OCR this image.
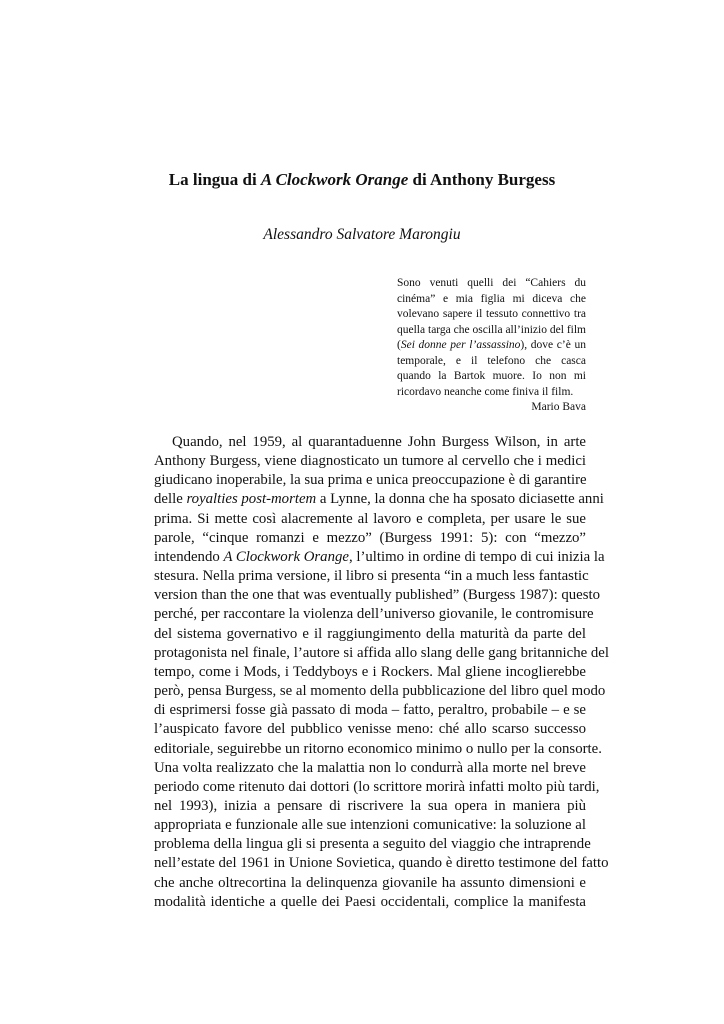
La lingua di A Clockwork Orange di Anthony Burgess

Alessandro Salvatore Marongiu

Sono venuti quelli dei “Cahiers du
cinéma” e mia figlia mi diceva che
volevano sapere il tessuto connettivo tra
quella targa che oscilla all’inizio del film
(Sei donne per l’assassino), dove c’è un
temporale, e il telefono che casca
quando la Bartok muore. Io non mi
ricordavo neanche come finiva il film.
Mario Bava
Quando, nel 1959, al quarantaduenne John Burgess Wilson, in arte
Anthony Burgess, viene diagnosticato un tumore al cervello che i medici
giudicano inoperabile, la sua prima e unica preoccupazione è di garantire
delle royalties post-mortem a Lynne, la donna che ha sposato diciasette anni
prima. Si mette così alacremente al lavoro e completa, per usare le sue
parole, “cinque romanzi e mezzo” (Burgess 1991: 5): con “mezzo”
intendendo A Clockwork Orange, l’ultimo in ordine di tempo di cui inizia la
stesura. Nella prima versione, il libro si presenta “in a much less fantastic
version than the one that was eventually published” (Burgess 1987): questo
perché, per raccontare la violenza dell’universo giovanile, le contromisure
del sistema governativo e il raggiungimento della maturità da parte del
protagonista nel finale, l’autore si affida allo slang delle gang britanniche del
tempo, come i Mods, i Teddyboys e i Rockers. Mal gliene incoglierebbe
però, pensa Burgess, se al momento della pubblicazione del libro quel modo
di esprimersi fosse già passato di moda – fatto, peraltro, probabile – e se
l’auspicato favore del pubblico venisse meno: ché allo scarso successo
editoriale, seguirebbe un ritorno economico minimo o nullo per la consorte.
Una volta realizzato che la malattia non lo condurrà alla morte nel breve
periodo come ritenuto dai dottori (lo scrittore morirà infatti molto più tardi,
nel 1993), inizia a pensare di riscrivere la sua opera in maniera più
appropriata e funzionale alle sue intenzioni comunicative: la soluzione al
problema della lingua gli si presenta a seguito del viaggio che intraprende
nell’estate del 1961 in Unione Sovietica, quando è diretto testimone del fatto
che anche oltrecortina la delinquenza giovanile ha assunto dimensioni e
modalità identiche a quelle dei Paesi occidentali, complice la manifesta
